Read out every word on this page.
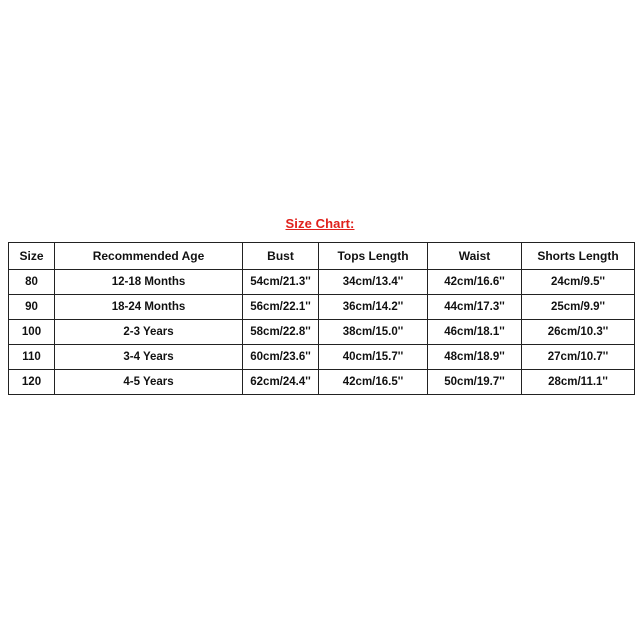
Size Chart:
Size	Recommended Age	Bust	Tops Length	Waist	Shorts Length
80	12-18 Months	54cm/21.3''	34cm/13.4''	42cm/16.6''	24cm/9.5''
90	18-24 Months	56cm/22.1''	36cm/14.2''	44cm/17.3''	25cm/9.9''
100	2-3 Years	58cm/22.8''	38cm/15.0''	46cm/18.1''	26cm/10.3''
110	3-4 Years	60cm/23.6''	40cm/15.7''	48cm/18.9''	27cm/10.7''
120	4-5 Years	62cm/24.4''	42cm/16.5''	50cm/19.7''	28cm/11.1''
